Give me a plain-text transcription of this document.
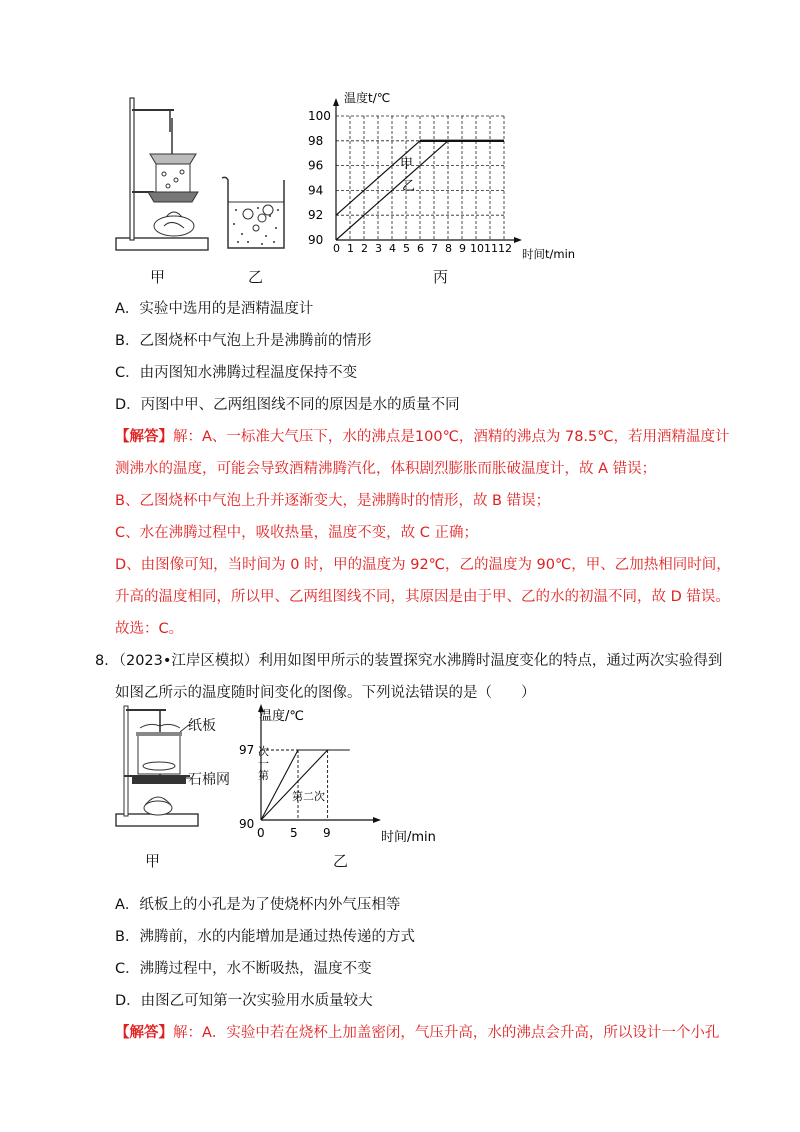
甲	乙
90
92
94
96
98
100
0 1 2 3 4 5 6 7 8 9 10 11 12
温度t/℃
时间t/min
甲
乙
丙
A．实验中选用的是酒精温度计
B．乙图烧杯中气泡上升是沸腾前的情形
C．由丙图知水沸腾过程温度保持不变
D．丙图中甲、乙两组图线不同的原因是水的质量不同
【解答】解：A、一标准大气压下，水的沸点是100℃，酒精的沸点为 78.5℃，若用酒精温度计
测沸水的温度，可能会导致酒精沸腾汽化，体积剧烈膨胀而胀破温度计，故 A 错误；
B、乙图烧杯中气泡上升并逐渐变大，是沸腾时的情形，故 B 错误；
C、水在沸腾过程中，吸收热量，温度不变，故 C 正确；
D、由图像可知，当时间为 0 时，甲的温度为 92℃，乙的温度为 90℃，甲、乙加热相同时间，
升高的温度相同，所以甲、乙两组图线不同，其原因是由于甲、乙的水的初温不同，故 D 错误。
故选：C。
8．（2023•江岸区模拟）利用如图甲所示的装置探究水沸腾时温度变化的特点，通过两次实验得到
如图乙所示的温度随时间变化的图像。下列说法错误的是（　　）
纸板
石棉网
甲
温度/℃
时间/min
97
90
0 5 9
第二次
次
一
第
乙
A．纸板上的小孔是为了使烧杯内外气压相等
B．沸腾前，水的内能增加是通过热传递的方式
C．沸腾过程中，水不断吸热，温度不变
D．由图乙可知第一次实验用水质量较大
【解答】解：A．实验中若在烧杯上加盖密闭，气压升高，水的沸点会升高，所以设计一个小孔
